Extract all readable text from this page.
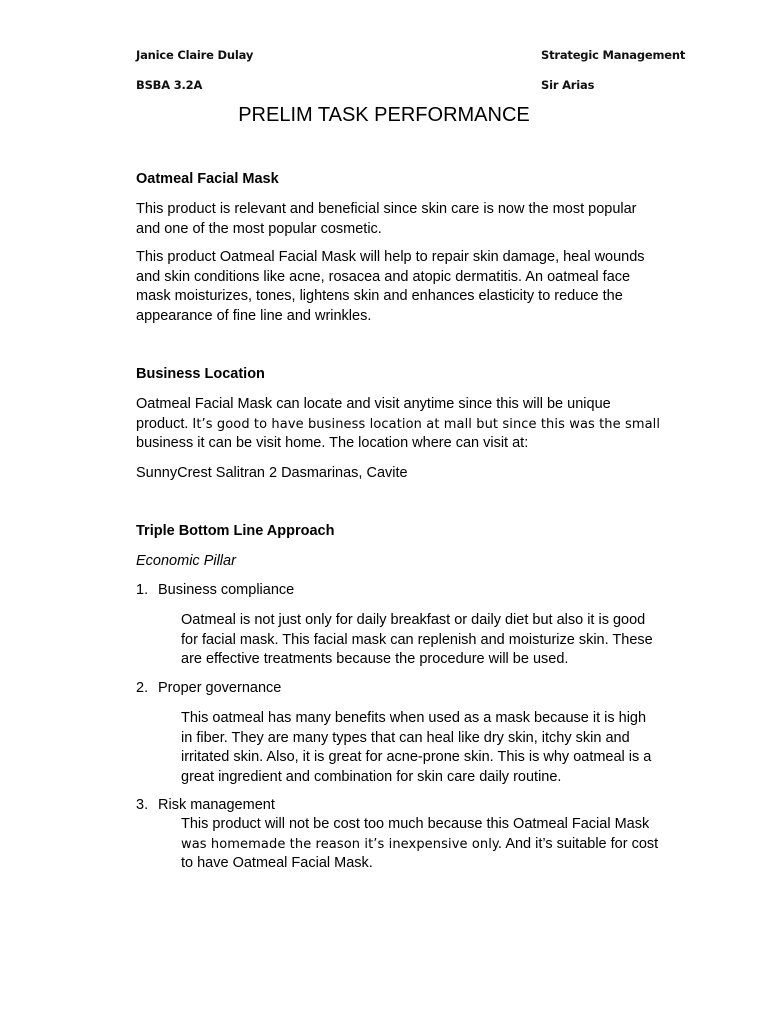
Janice Claire Dulay
BSBA 3.2A
Strategic Management
Sir Arias
PRELIM TASK PERFORMANCE
Oatmeal Facial Mask
This product is relevant and beneficial since skin care is now the most popular
and one of the most popular cosmetic.
This product Oatmeal Facial Mask will help to repair skin damage, heal wounds
and skin conditions like acne, rosacea and atopic dermatitis. An oatmeal face
mask moisturizes, tones, lightens skin and enhances elasticity to reduce the
appearance of fine line and wrinkles.
Business Location
Oatmeal Facial Mask can locate and visit anytime since this will be unique
product. It’s good to have business location at mall but since this was the small
business it can be visit home. The location where can visit at:
SunnyCrest Salitran 2 Dasmarinas, Cavite
Triple Bottom Line Approach
Economic Pillar
1. Business compliance
Oatmeal is not just only for daily breakfast or daily diet but also it is good
for facial mask. This facial mask can replenish and moisturize skin. These
are effective treatments because the procedure will be used.
2. Proper governance
This oatmeal has many benefits when used as a mask because it is high
in fiber. They are many types that can heal like dry skin, itchy skin and
irritated skin. Also, it is great for acne-prone skin. This is why oatmeal is a
great ingredient and combination for skin care daily routine.
3. Risk management
This product will not be cost too much because this Oatmeal Facial Mask
was homemade the reason it’s inexpensive only. And it’s suitable for cost
to have Oatmeal Facial Mask.
